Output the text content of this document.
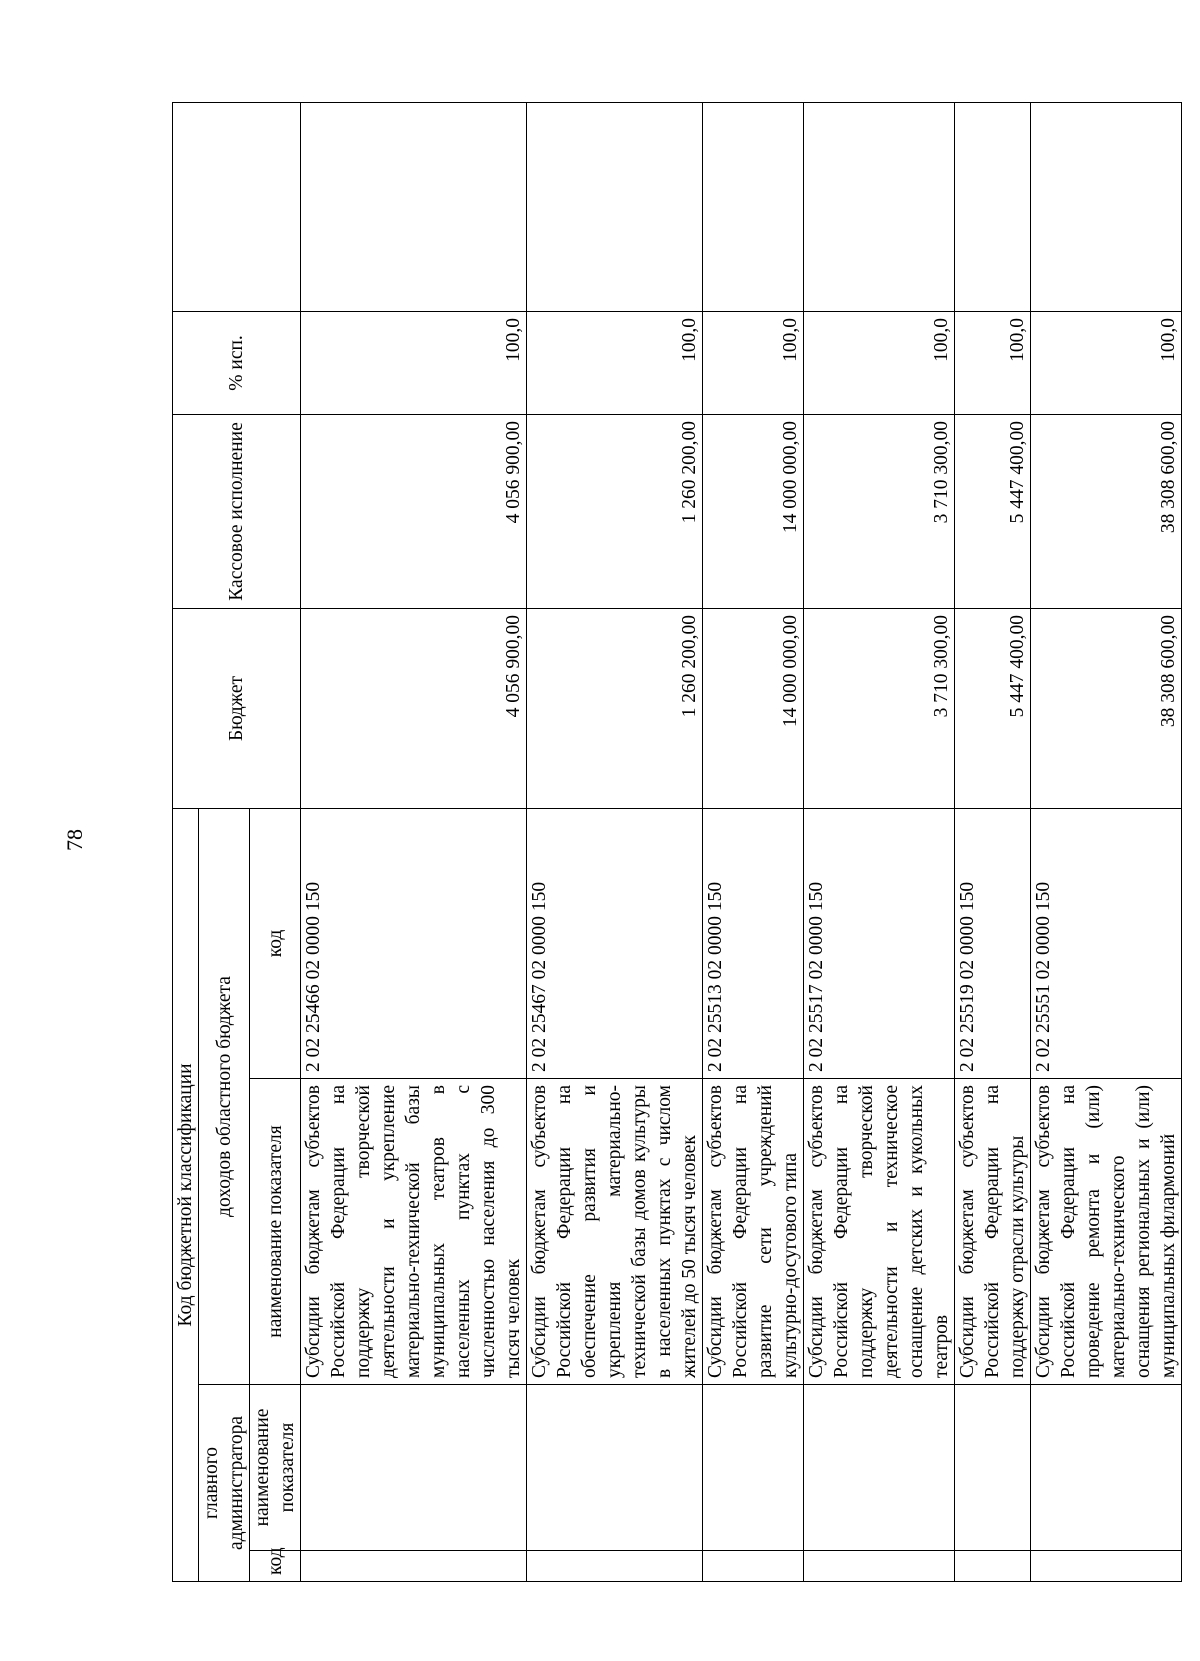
78
Код бюджетной классификации				Бюджет	Кассовое исполнение	% исп.	
главного администратора		доходов областного бюджета					
код	наименование показателя	наименование показателя	код				
		Субсидии бюджетам субъектов Российской Федерации на поддержку творческой деятельности и укрепление материально-технической базы муниципальных театров в населенных пунктах с численностью населения до 300 тысяч человек	2 02 25466 02 0000 150	4 056 900,00	4 056 900,00	100,0	
		Субсидии бюджетам субъектов Российской Федерации на обеспечение развития и укрепления материально-технической базы домов культуры в населенных пунктах с числом жителей до 50 тысяч человек	2 02 25467 02 0000 150	1 260 200,00	1 260 200,00	100,0	
		Субсидии бюджетам субъектов Российской Федерации на развитие сети учреждений культурно-досугового типа	2 02 25513 02 0000 150	14 000 000,00	14 000 000,00	100,0	
		Субсидии бюджетам субъектов Российской Федерации на поддержку творческой деятельности и техническое оснащение детских и кукольных театров	2 02 25517 02 0000 150	3 710 300,00	3 710 300,00	100,0	
		Субсидии бюджетам субъектов Российской Федерации на поддержку отрасли культуры	2 02 25519 02 0000 150	5 447 400,00	5 447 400,00	100,0	
		Субсидии бюджетам субъектов Российской Федерации на проведение ремонта и (или) материально-технического оснащения региональных и (или) муниципальных филармоний	2 02 25551 02 0000 150	38 308 600,00	38 308 600,00	100,0	
